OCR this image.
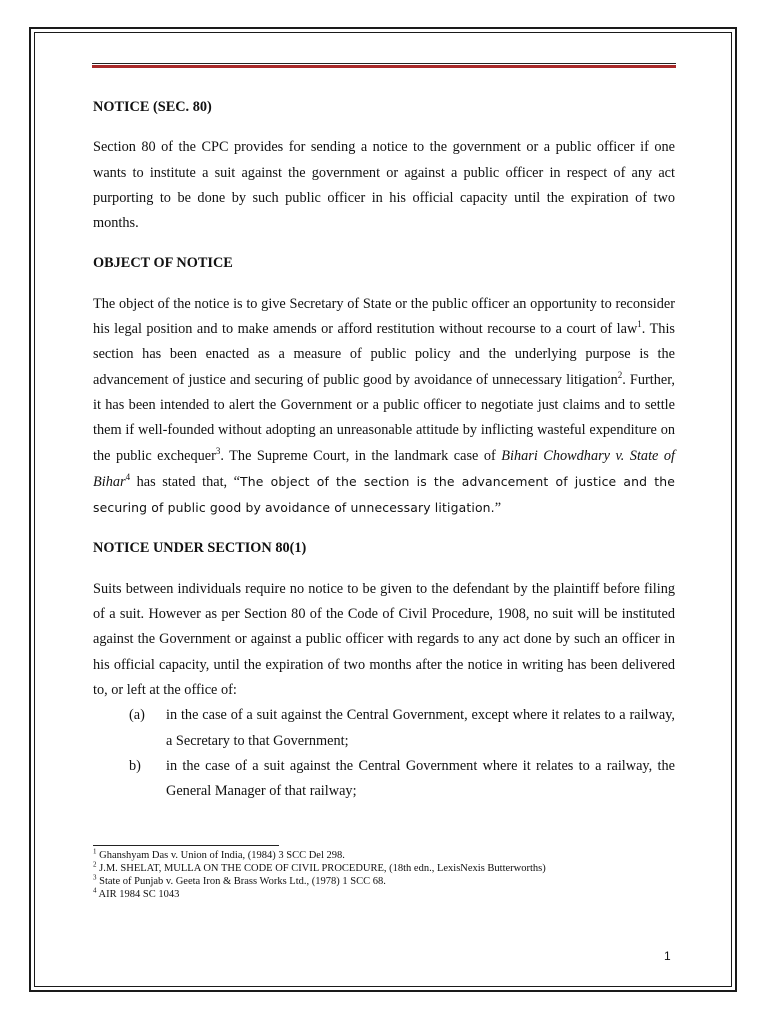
NOTICE (SEC. 80)

Section 80 of the CPC provides for sending a notice to the government or a public officer if one wants to institute a suit against the government or against a public officer in respect of any act purporting to be done by such public officer in his official capacity until the expiration of two months.

OBJECT OF NOTICE

The object of the notice is to give Secretary of State or the public officer an opportunity to reconsider his legal position and to make amends or afford restitution without recourse to a court of law$^1$. This section has been enacted as a measure of public policy and the underlying purpose is the advancement of justice and securing of public good by avoidance of unnecessary litigation$^2$. Further, it has been intended to alert the Government or a public officer to negotiate just claims and to settle them if well-founded without adopting an unreasonable attitude by inflicting wasteful expenditure on the public exchequer$^3$. The Supreme Court, in the landmark case of Bihari Chowdhary v. State of Bihar$^4$ has stated that, “The object of the section is the advancement of justice and the securing of public good by avoidance of unnecessary litigation.”

NOTICE UNDER SECTION 80(1)

Suits between individuals require no notice to be given to the defendant by the plaintiff before filing of a suit. However as per Section 80 of the Code of Civil Procedure, 1908, no suit will be instituted against the Government or against a public officer with regards to any act done by such an officer in his official capacity, until the expiration of two months after the notice in writing has been delivered to, or left at the office of:

(a) in the case of a suit against the Central Government, except where it relates to a railway, a Secretary to that Government;
b) in the case of a suit against the Central Government where it relates to a railway, the General Manager of that railway;
$^1$ Ghanshyam Das v. Union of India, (1984) 3 SCC Del 298.
$^2$ J.M. SHELAT, MULLA ON THE CODE OF CIVIL PROCEDURE, (18th edn., LexisNexis Butterworths)
$^3$ State of Punjab v. Geeta Iron & Brass Works Ltd., (1978) 1 SCC 68.
$^4$ AIR 1984 SC 1043
1
